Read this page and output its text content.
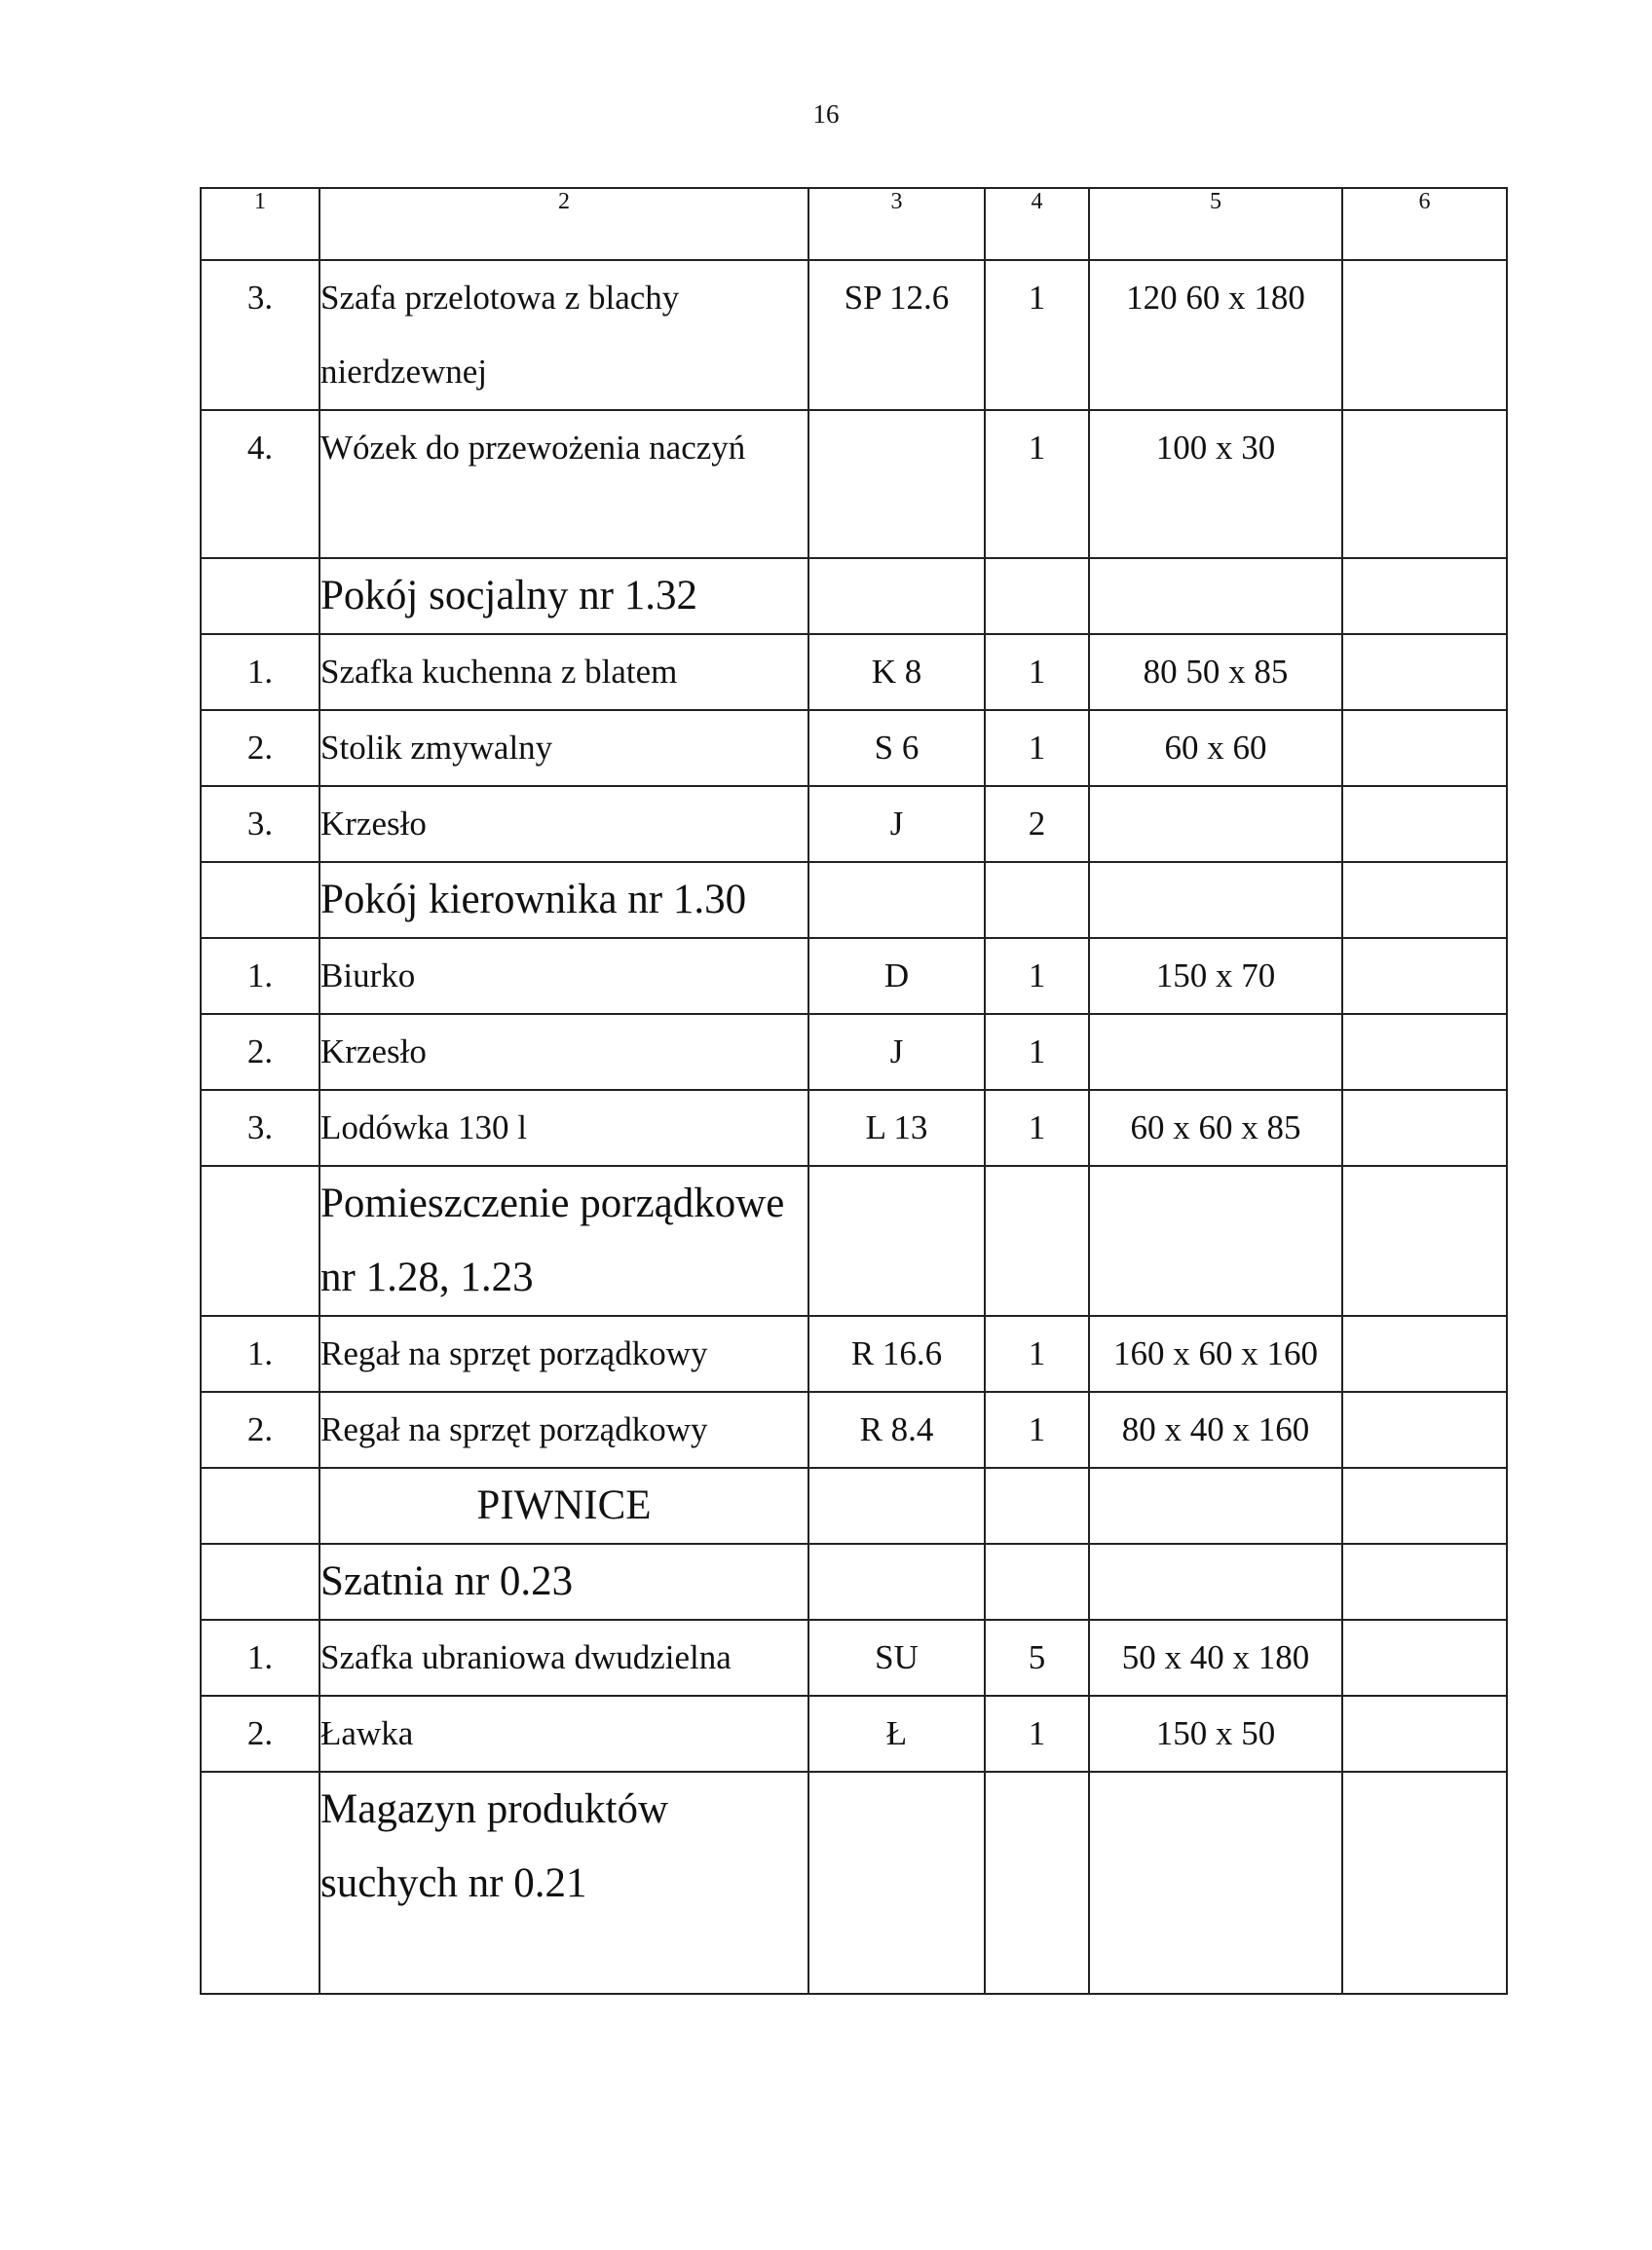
16
1	2	3	4	5	6
3.	Szafa przelotowa z blachy nierdzewnej	SP 12.6	1	120 60 x 180	
4.	Wózek do przewożenia naczyń		1	100 x 30	
	Pokój socjalny nr 1.32				
1.	Szafka kuchenna z blatem	K 8	1	80 50 x 85	
2.	Stolik zmywalny	S 6	1	60 x 60	
3.	Krzesło	J	2		
	Pokój kierownika nr 1.30				
1.	Biurko	D	1	150 x 70	
2.	Krzesło	J	1		
3.	Lodówka 130 l	L 13	1	60 x 60 x 85	
	Pomieszczenie porządkowe nr 1.28, 1.23				
1.	Regał na sprzęt porządkowy	R 16.6	1	160 x 60 x 160	
2.	Regał na sprzęt porządkowy	R 8.4	1	80 x 40 x 160	
	PIWNICE				
	Szatnia nr 0.23				
1.	Szafka ubraniowa dwudzielna	SU	5	50 x 40 x 180	
2.	Ławka	Ł	1	150 x 50	
	Magazyn produktów suchych nr 0.21				
